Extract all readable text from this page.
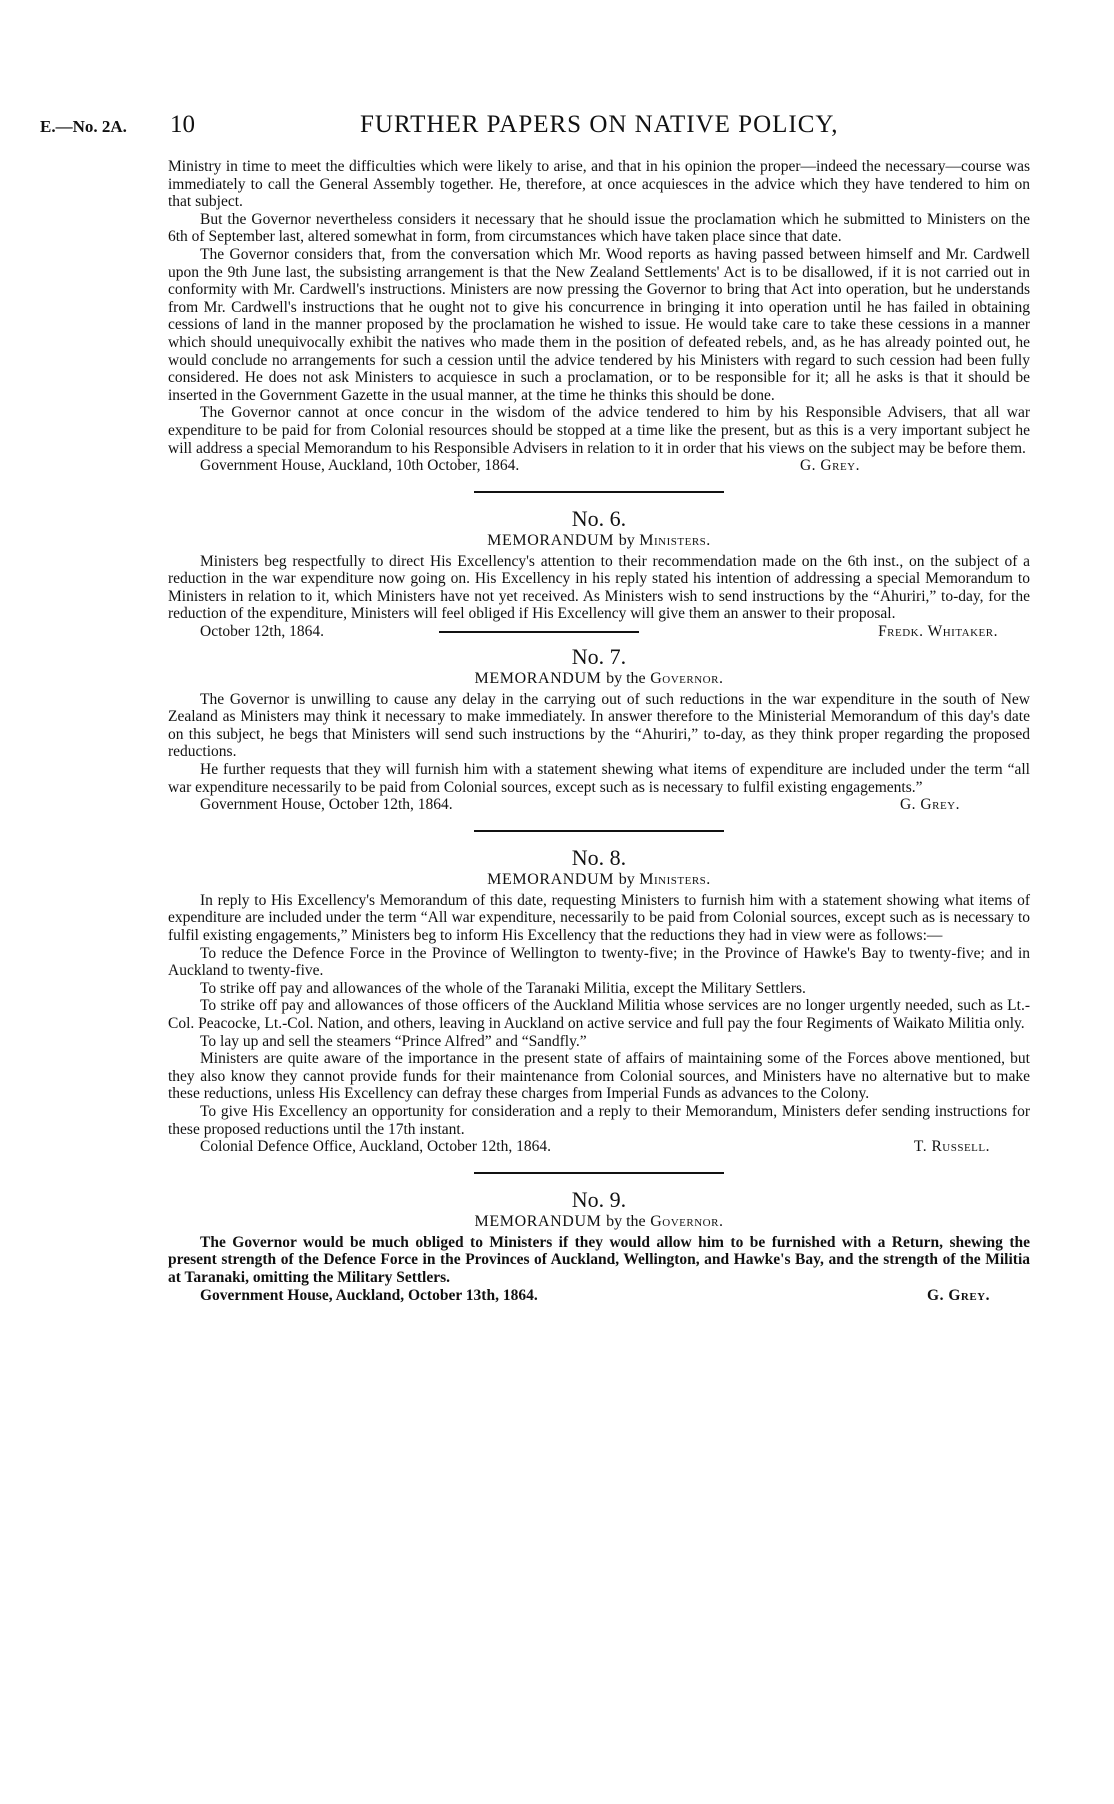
E.—No. 2A. 10	FURTHER PAPERS ON NATIVE POLICY,

Ministry in time to meet the difficulties which were likely to arise, and that in his opinion the proper—indeed the necessary—course was immediately to call the General Assembly together. He, therefore, at once acquiesces in the advice which they have tendered to him on that subject.

But the Governor nevertheless considers it necessary that he should issue the proclamation which he submitted to Ministers on the 6th of September last, altered somewhat in form, from circumstances which have taken place since that date.

The Governor considers that, from the conversation which Mr. Wood reports as having passed between himself and Mr. Cardwell upon the 9th June last, the subsisting arrangement is that the New Zealand Settlements' Act is to be disallowed, if it is not carried out in conformity with Mr. Cardwell's instructions. Ministers are now pressing the Governor to bring that Act into operation, but he understands from Mr. Cardwell's instructions that he ought not to give his concurrence in bringing it into operation until he has failed in obtaining cessions of land in the manner proposed by the proclamation he wished to issue. He would take care to take these cessions in a manner which should unequivocally exhibit the natives who made them in the position of defeated rebels, and, as he has already pointed out, he would conclude no arrangements for such a cession until the advice tendered by his Ministers with regard to such cession had been fully considered. He does not ask Ministers to acquiesce in such a proclamation, or to be responsible for it; all he asks is that it should be inserted in the Government Gazette in the usual manner, at the time he thinks this should be done.

The Governor cannot at once concur in the wisdom of the advice tendered to him by his Responsible Advisers, that all war expenditure to be paid for from Colonial resources should be stopped at a time like the present, but as this is a very important subject he will address a special Memorandum to his Responsible Advisers in relation to it in order that his views on the subject may be before them.

Government House, Auckland, 10th October, 1864.	G. Grey.

No. 6.

MEMORANDUM by Ministers.

Ministers beg respectfully to direct His Excellency's attention to their recommendation made on the 6th inst., on the subject of a reduction in the war expenditure now going on. His Excellency in his reply stated his intention of addressing a special Memorandum to Ministers in relation to it, which Ministers have not yet received. As Ministers wish to send instructions by the “Ahuriri,” to-day, for the reduction of the expenditure, Ministers will feel obliged if His Excellency will give them an answer to their proposal.

October 12th, 1864.	Fredk. Whitaker.

No. 7.

MEMORANDUM by the Governor.

The Governor is unwilling to cause any delay in the carrying out of such reductions in the war expenditure in the south of New Zealand as Ministers may think it necessary to make immediately. In answer therefore to the Ministerial Memorandum of this day's date on this subject, he begs that Ministers will send such instructions by the “Ahuriri,” to-day, as they think proper regarding the proposed reductions.

He further requests that they will furnish him with a statement shewing what items of expenditure are included under the term “all war expenditure necessarily to be paid from Colonial sources, except such as is necessary to fulfil existing engagements.”

Government House, October 12th, 1864.	G. Grey.

No. 8.

MEMORANDUM by Ministers.

In reply to His Excellency's Memorandum of this date, requesting Ministers to furnish him with a statement showing what items of expenditure are included under the term “All war expenditure, necessarily to be paid from Colonial sources, except such as is necessary to fulfil existing engagements,” Ministers beg to inform His Excellency that the reductions they had in view were as follows:—

To reduce the Defence Force in the Province of Wellington to twenty-five; in the Province of Hawke's Bay to twenty-five; and in Auckland to twenty-five.

To strike off pay and allowances of the whole of the Taranaki Militia, except the Military Settlers.

To strike off pay and allowances of those officers of the Auckland Militia whose services are no longer urgently needed, such as Lt.-Col. Peacocke, Lt.-Col. Nation, and others, leaving in Auckland on active service and full pay the four Regiments of Waikato Militia only.

To lay up and sell the steamers “Prince Alfred” and “Sandfly.”

Ministers are quite aware of the importance in the present state of affairs of maintaining some of the Forces above mentioned, but they also know they cannot provide funds for their maintenance from Colonial sources, and Ministers have no alternative but to make these reductions, unless His Excellency can defray these charges from Imperial Funds as advances to the Colony.

To give His Excellency an opportunity for consideration and a reply to their Memorandum, Ministers defer sending instructions for these proposed reductions until the 17th instant.

Colonial Defence Office, Auckland, October 12th, 1864.	T. Russell.

No. 9.

MEMORANDUM by the Governor.

The Governor would be much obliged to Ministers if they would allow him to be furnished with a Return, shewing the present strength of the Defence Force in the Provinces of Auckland, Wellington, and Hawke's Bay, and the strength of the Militia at Taranaki, omitting the Military Settlers.

Government House, Auckland, October 13th, 1864.	G. Grey.
